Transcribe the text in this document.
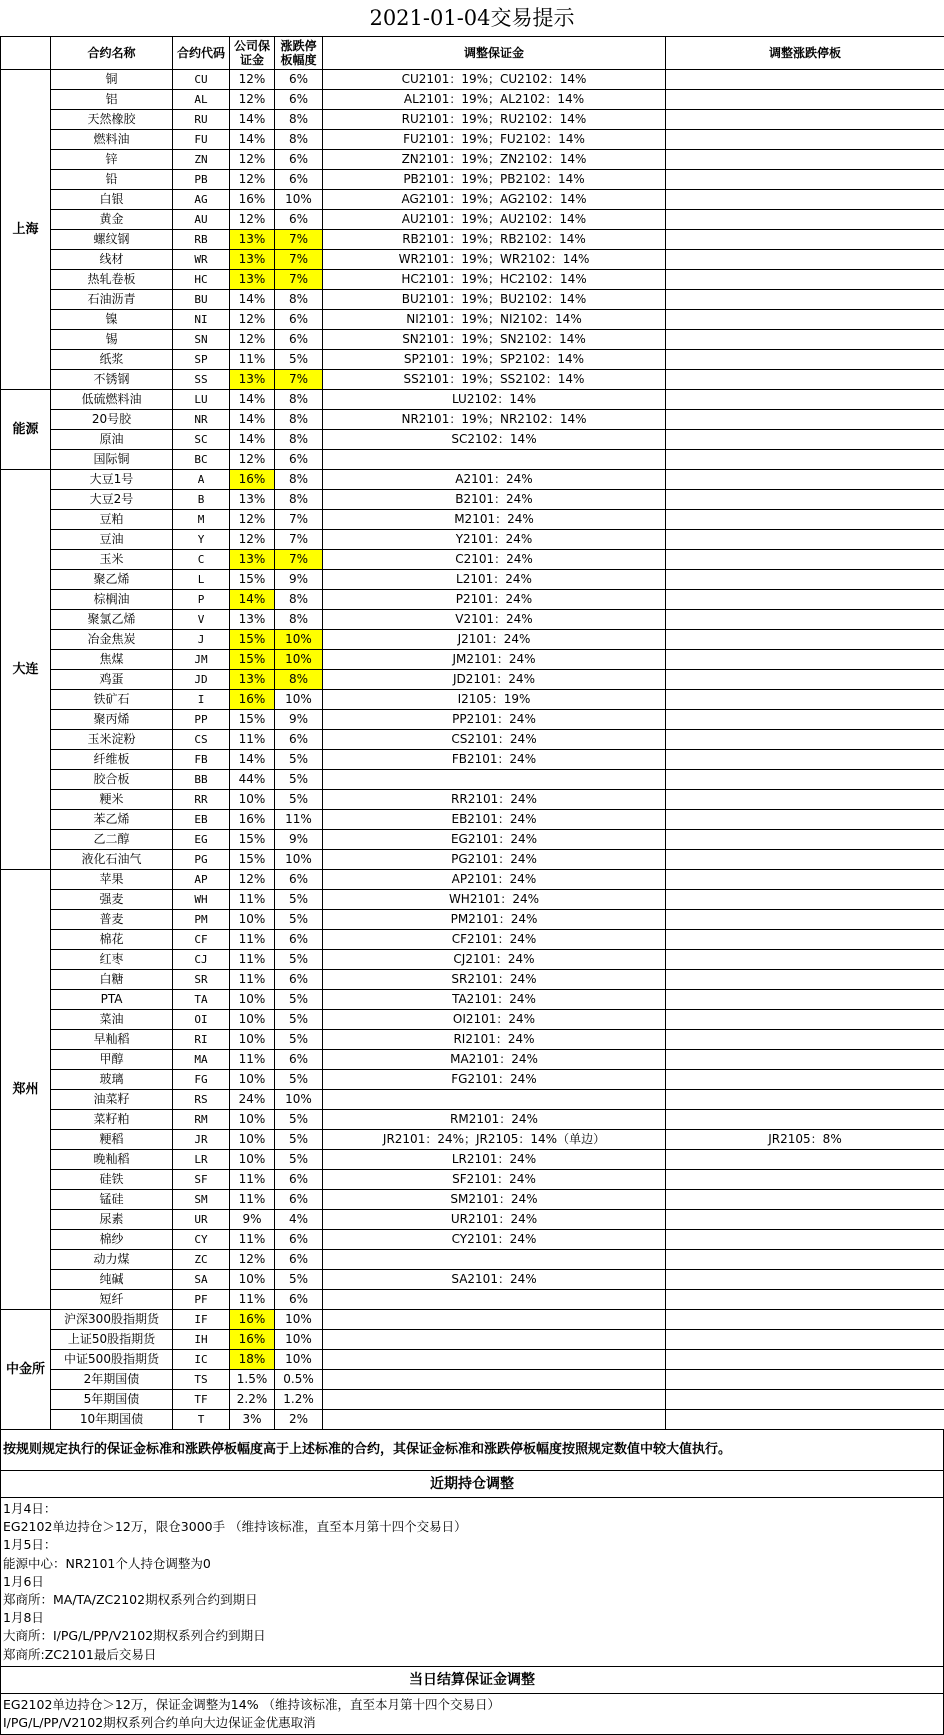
2021-01-04交易提示
	合约名称	合约代码	公司保证金	涨跌停板幅度	调整保证金	调整涨跌停板
上海	铜	CU	12%	6%	CU2101：19%；CU2102：14%	
	铝	AL	12%	6%	AL2101：19%；AL2102：14%	
	天然橡胶	RU	14%	8%	RU2101：19%；RU2102：14%	
	燃料油	FU	14%	8%	FU2101：19%；FU2102：14%	
	锌	ZN	12%	6%	ZN2101：19%；ZN2102：14%	
	铅	PB	12%	6%	PB2101：19%；PB2102：14%	
	白银	AG	16%	10%	AG2101：19%；AG2102：14%	
	黄金	AU	12%	6%	AU2101：19%；AU2102：14%	
	螺纹钢	RB	13%	7%	RB2101：19%；RB2102：14%	
	线材	WR	13%	7%	WR2101：19%；WR2102：14%	
	热轧卷板	HC	13%	7%	HC2101：19%；HC2102：14%	
	石油沥青	BU	14%	8%	BU2101：19%；BU2102：14%	
	镍	NI	12%	6%	NI2101：19%；NI2102：14%	
	锡	SN	12%	6%	SN2101：19%；SN2102：14%	
	纸浆	SP	11%	5%	SP2101：19%；SP2102：14%	
	不锈钢	SS	13%	7%	SS2101：19%；SS2102：14%	
能源	低硫燃料油	LU	14%	8%	LU2102：14%	
	20号胶	NR	14%	8%	NR2101：19%；NR2102：14%	
	原油	SC	14%	8%	SC2102：14%	
	国际铜	BC	12%	6%		
大连	大豆1号	A	16%	8%	A2101：24%	
	大豆2号	B	13%	8%	B2101：24%	
	豆粕	M	12%	7%	M2101：24%	
	豆油	Y	12%	7%	Y2101：24%	
	玉米	C	13%	7%	C2101：24%	
	聚乙烯	L	15%	9%	L2101：24%	
	棕榈油	P	14%	8%	P2101：24%	
	聚氯乙烯	V	13%	8%	V2101：24%	
	冶金焦炭	J	15%	10%	J2101：24%	
	焦煤	JM	15%	10%	JM2101：24%	
	鸡蛋	JD	13%	8%	JD2101：24%	
	铁矿石	I	16%	10%	I2105：19%	
	聚丙烯	PP	15%	9%	PP2101：24%	
	玉米淀粉	CS	11%	6%	CS2101：24%	
	纤维板	FB	14%	5%	FB2101：24%	
	胶合板	BB	44%	5%		
	粳米	RR	10%	5%	RR2101：24%	
	苯乙烯	EB	16%	11%	EB2101：24%	
	乙二醇	EG	15%	9%	EG2101：24%	
	液化石油气	PG	15%	10%	PG2101：24%	
郑州	苹果	AP	12%	6%	AP2101：24%	
	强麦	WH	11%	5%	WH2101：24%	
	普麦	PM	10%	5%	PM2101：24%	
	棉花	CF	11%	6%	CF2101：24%	
	红枣	CJ	11%	5%	CJ2101：24%	
	白糖	SR	11%	6%	SR2101：24%	
	PTA	TA	10%	5%	TA2101：24%	
	菜油	OI	10%	5%	OI2101：24%	
	早籼稻	RI	10%	5%	RI2101：24%	
	甲醇	MA	11%	6%	MA2101：24%	
	玻璃	FG	10%	5%	FG2101：24%	
	油菜籽	RS	24%	10%		
	菜籽粕	RM	10%	5%	RM2101：24%	
	粳稻	JR	10%	5%	JR2101：24%；JR2105：14%（单边）	JR2105：8%
	晚籼稻	LR	10%	5%	LR2101：24%	
	硅铁	SF	11%	6%	SF2101：24%	
	锰硅	SM	11%	6%	SM2101：24%	
	尿素	UR	9%	4%	UR2101：24%	
	棉纱	CY	11%	6%	CY2101：24%	
	动力煤	ZC	12%	6%		
	纯碱	SA	10%	5%	SA2101：24%	
	短纤	PF	11%	6%		
中金所	沪深300股指期货	IF	16%	10%		
	上证50股指期货	IH	16%	10%		
	中证500股指期货	IC	18%	10%		
	2年期国债	TS	1.5%	0.5%		
	5年期国债	TF	2.2%	1.2%		
	10年期国债	T	3%	2%		
按规则规定执行的保证金标准和涨跌停板幅度高于上述标准的合约，其保证金标准和涨跌停板幅度按照规定数值中较大值执行。
近期持仓调整
1月4日：
EG2102单边持仓＞12万，限仓3000手 （维持该标准，直至本月第十四个交易日）
1月5日：
能源中心：NR2101个人持仓调整为0
1月6日
郑商所：MA/TA/ZC2102期权系列合约到期日
1月8日
大商所：I/PG/L/PP/V2102期权系列合约到期日
郑商所:ZC2101最后交易日
当日结算保证金调整
EG2102单边持仓＞12万，保证金调整为14% （维持该标准，直至本月第十四个交易日）
I/PG/L/PP/V2102期权系列合约单向大边保证金优惠取消
